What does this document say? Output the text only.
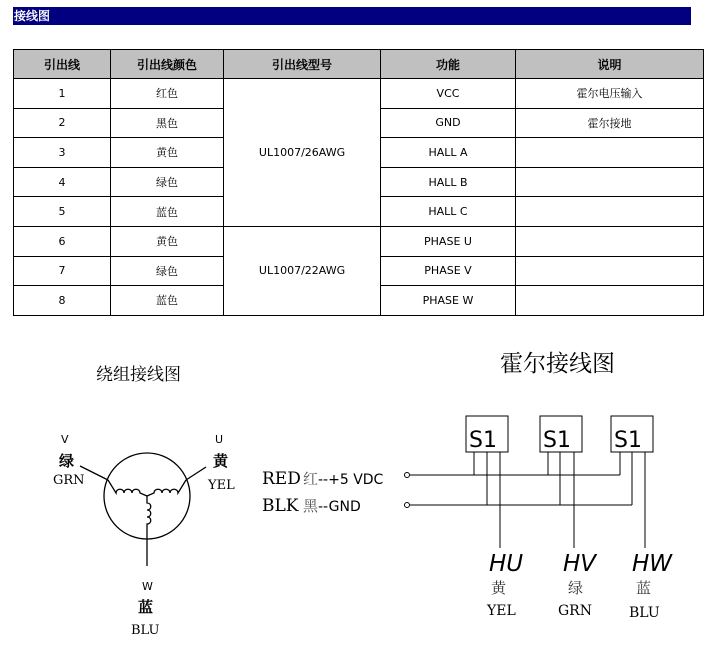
接线图
引出线	引出线颜色	引出线型号	功能	说明
1	红色	UL1007/26AWG	VCC	霍尔电压输入
2	黑色		GND	霍尔接地
3	黄色		HALL A	
4	绿色		HALL B	
5	蓝色		HALL C	
6	黄色	UL1007/22AWG	PHASE U	
7	绿色		PHASE V	
8	蓝色		PHASE W	
绕组接线图	霍尔接线图
V
绿
GRN
U
黄
YEL
W
蓝
BLU
S1 S1 S1
RED 红 --+5 VDC
BLK 黑 --GND
HU
黄
YEL
HV
绿
GRN
HW
蓝
BLU
